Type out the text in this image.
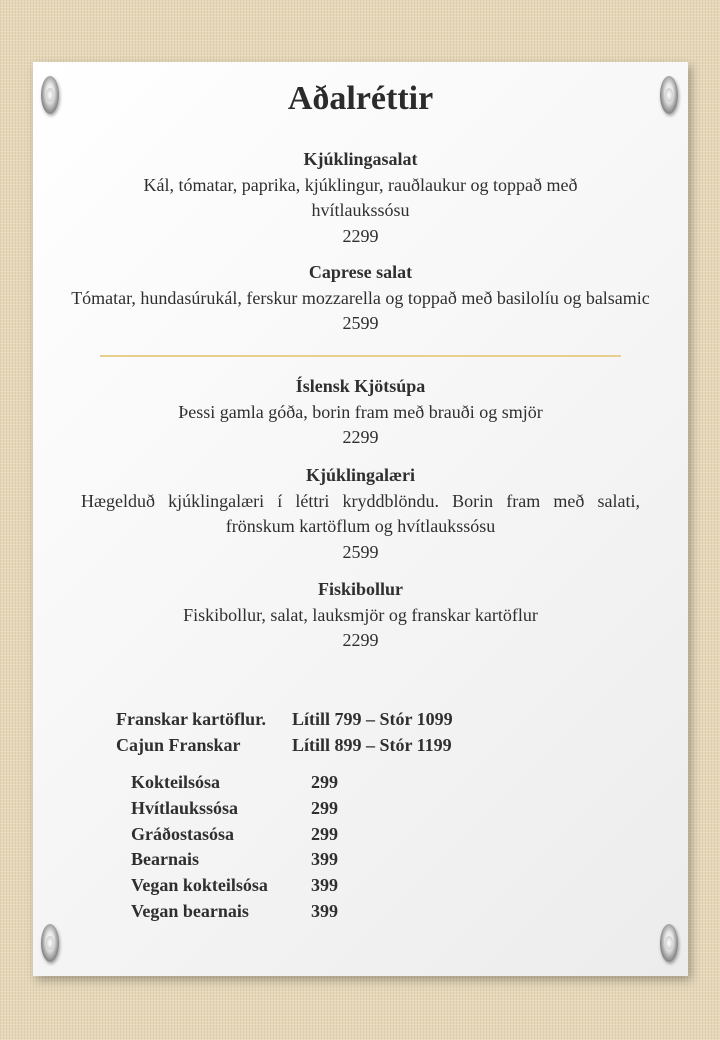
Aðalréttir
Kjúklingasalat
Kál, tómatar, paprika, kjúklingur, rauðlaukur og toppað með hvítlaukssósu
2299
Caprese salat
Tómatar, hundasúrukál, ferskur mozzarella og toppað með basilolíu og balsamic
2599
Íslensk Kjötsúpa
Þessi gamla góða, borin fram með brauði og smjör
2299
Kjúklingalæri
Hægelduð kjúklingalæri í léttri kryddblöndu. Borin fram með salati, frönskum kartöflum og hvítlaukssósu
2599
Fiskibollur
Fiskibollur, salat, lauksmjör og franskar kartöflur
2299
Franskar kartöflur.	Lítill 799 – Stór 1099
Cajun Franskar	Lítill 899 – Stór 1199
Kokteilsósa	299
Hvítlaukssósa	299
Gráðostasósa	299
Bearnais	399
Vegan kokteilsósa	399
Vegan bearnais	399
